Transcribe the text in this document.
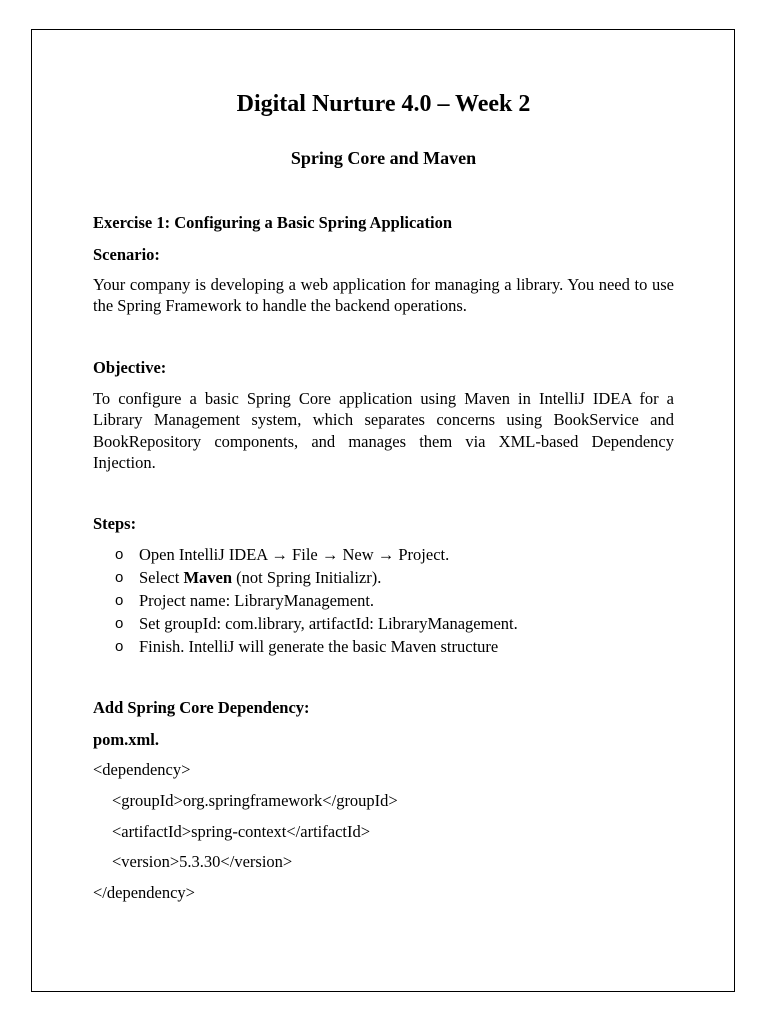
Digital Nurture 4.0 – Week 2
Spring Core and Maven
Exercise 1: Configuring a Basic Spring Application
Scenario:

Your company is developing a web application for managing a library. You need to use the Spring Framework to handle the backend operations.

Objective:

To configure a basic Spring Core application using Maven in IntelliJ IDEA for a Library Management system, which separates concerns using BookService and BookRepository components, and manages them via XML-based Dependency Injection.

Steps:
o Open IntelliJ IDEA → File → New → Project.
o Select Maven (not Spring Initializr).
o Project name: LibraryManagement.
o Set groupId: com.library, artifactId: LibraryManagement.
o Finish. IntelliJ will generate the basic Maven structure
Add Spring Core Dependency:
pom.xml.
<dependency>
<groupId>org.springframework</groupId>
<artifactId>spring-context</artifactId>
<version>5.3.30</version>
</dependency>
